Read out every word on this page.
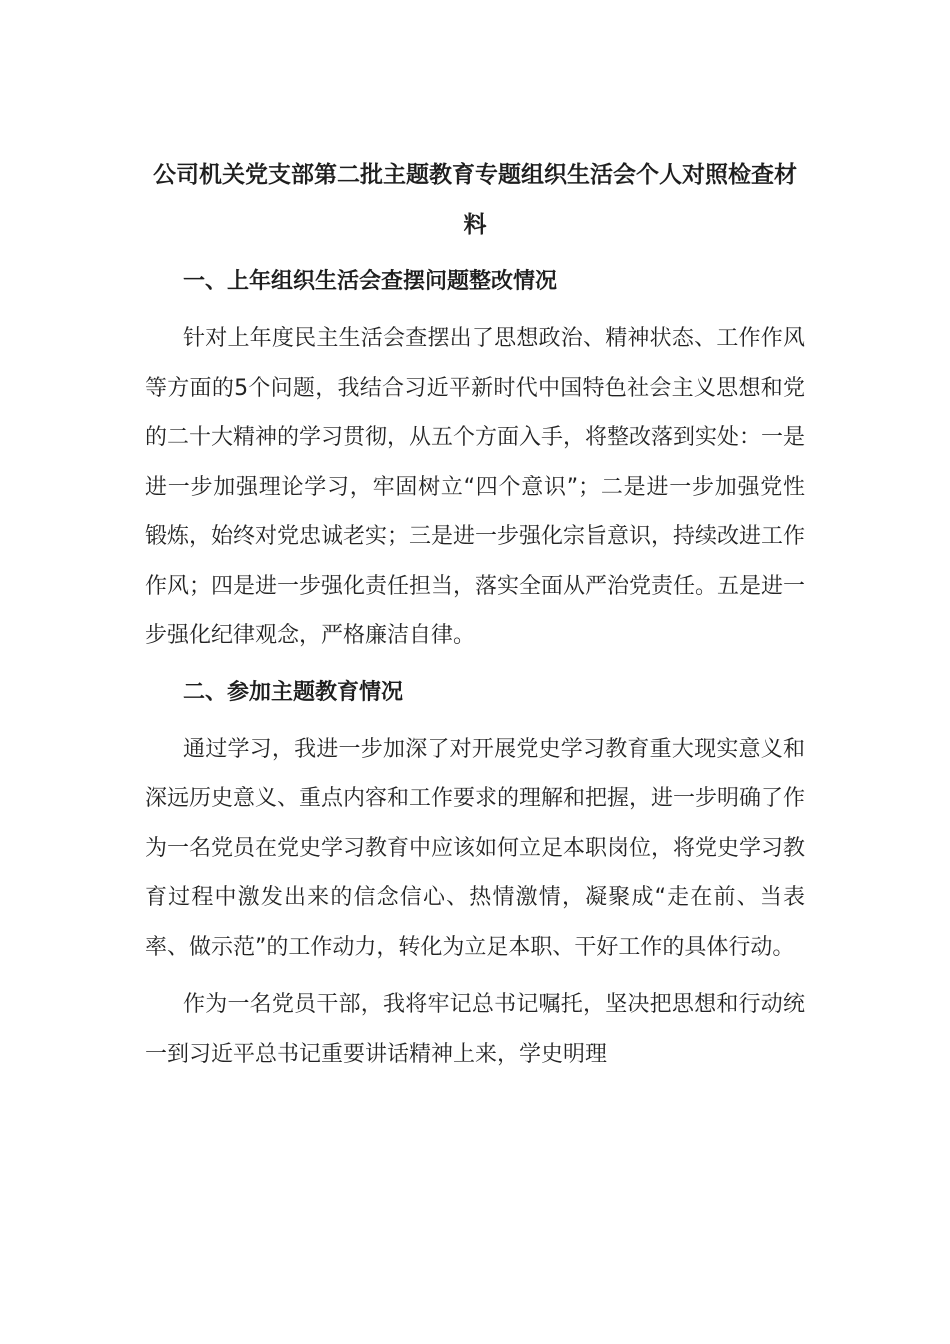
公司机关党支部第二批主题教育专题组织生活会个人对照检查材料
一、上年组织生活会查摆问题整改情况

针对上年度民主生活会查摆出了思想政治、精神状态、工作作风等方面的5个问题，我结合习近平新时代中国特色社会主义思想和党的二十大精神的学习贯彻，从五个方面入手，将整改落到实处：一是进一步加强理论学习，牢固树立“四个意识”；二是进一步加强党性锻炼，始终对党忠诚老实；三是进一步强化宗旨意识，持续改进工作作风；四是进一步强化责任担当，落实全面从严治党责任。五是进一步强化纪律观念，严格廉洁自律。

二、参加主题教育情况

通过学习，我进一步加深了对开展党史学习教育重大现实意义和深远历史意义、重点内容和工作要求的理解和把握，进一步明确了作为一名党员在党史学习教育中应该如何立足本职岗位，将党史学习教育过程中激发出来的信念信心、热情激情，凝聚成“走在前、当表率、做示范”的工作动力，转化为立足本职、干好工作的具体行动。

作为一名党员干部，我将牢记总书记嘱托，坚决把思想和行动统一到习近平总书记重要讲话精神上来，学史明理
